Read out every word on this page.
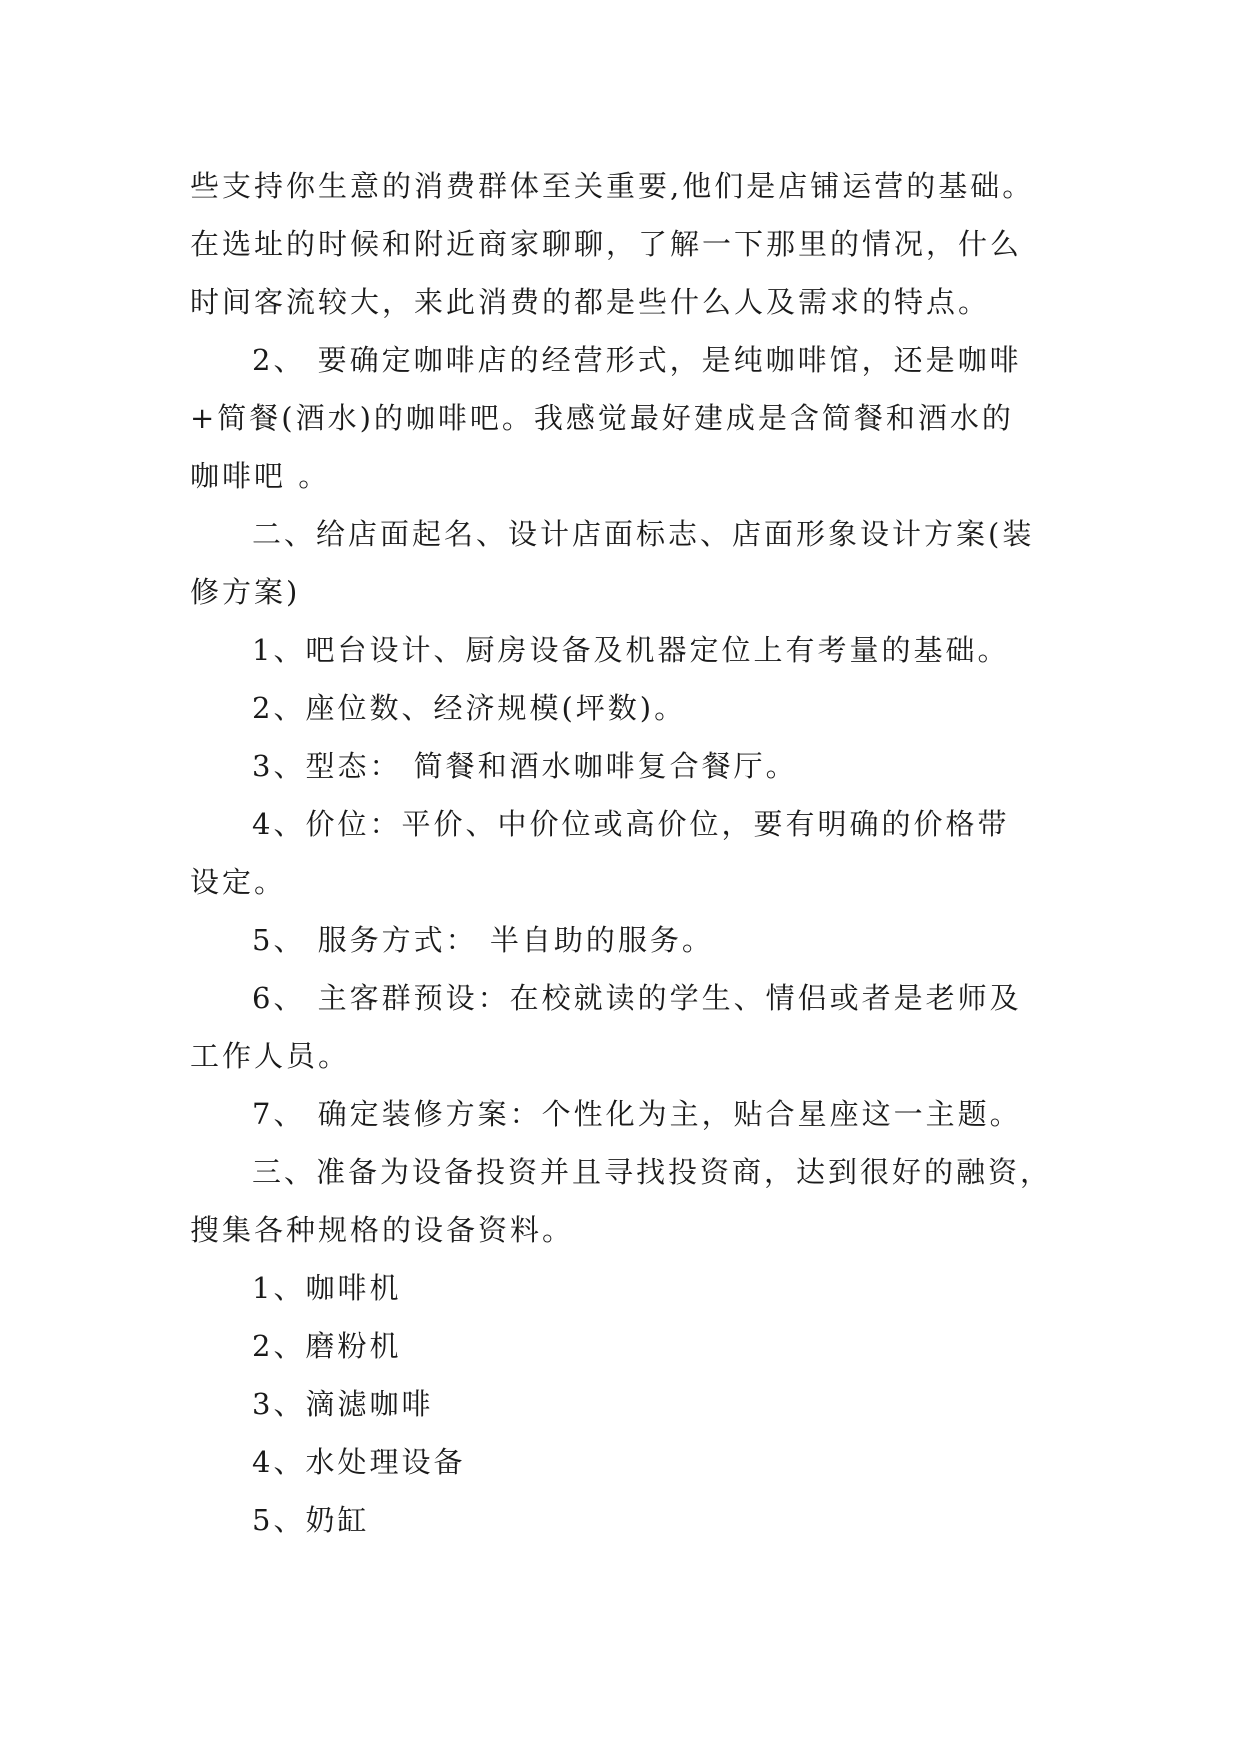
些支持你生意的消费群体至关重要,他们是店铺运营的基础。
在选址的时候和附近商家聊聊，了解一下那里的情况，什么
时间客流较大，来此消费的都是些什么人及需求的特点。
2、 要确定咖啡店的经营形式，是纯咖啡馆，还是咖啡
+简餐(酒水)的咖啡吧。我感觉最好建成是含简餐和酒水的
咖啡吧 。
二、给店面起名、设计店面标志、店面形象设计方案(装
修方案)
1、吧台设计、厨房设备及机器定位上有考量的基础。
2、座位数、经济规模(坪数)。
3、型态： 简餐和酒水咖啡复合餐厅。
4、价位：平价、中价位或高价位，要有明确的价格带
设定。
5、 服务方式： 半自助的服务。
6、 主客群预设：在校就读的学生、情侣或者是老师及
工作人员。
7、 确定装修方案：个性化为主，贴合星座这一主题。
三、准备为设备投资并且寻找投资商，达到很好的融资，
搜集各种规格的设备资料。
1、咖啡机
2、磨粉机
3、滴滤咖啡
4、水处理设备
5、奶缸
